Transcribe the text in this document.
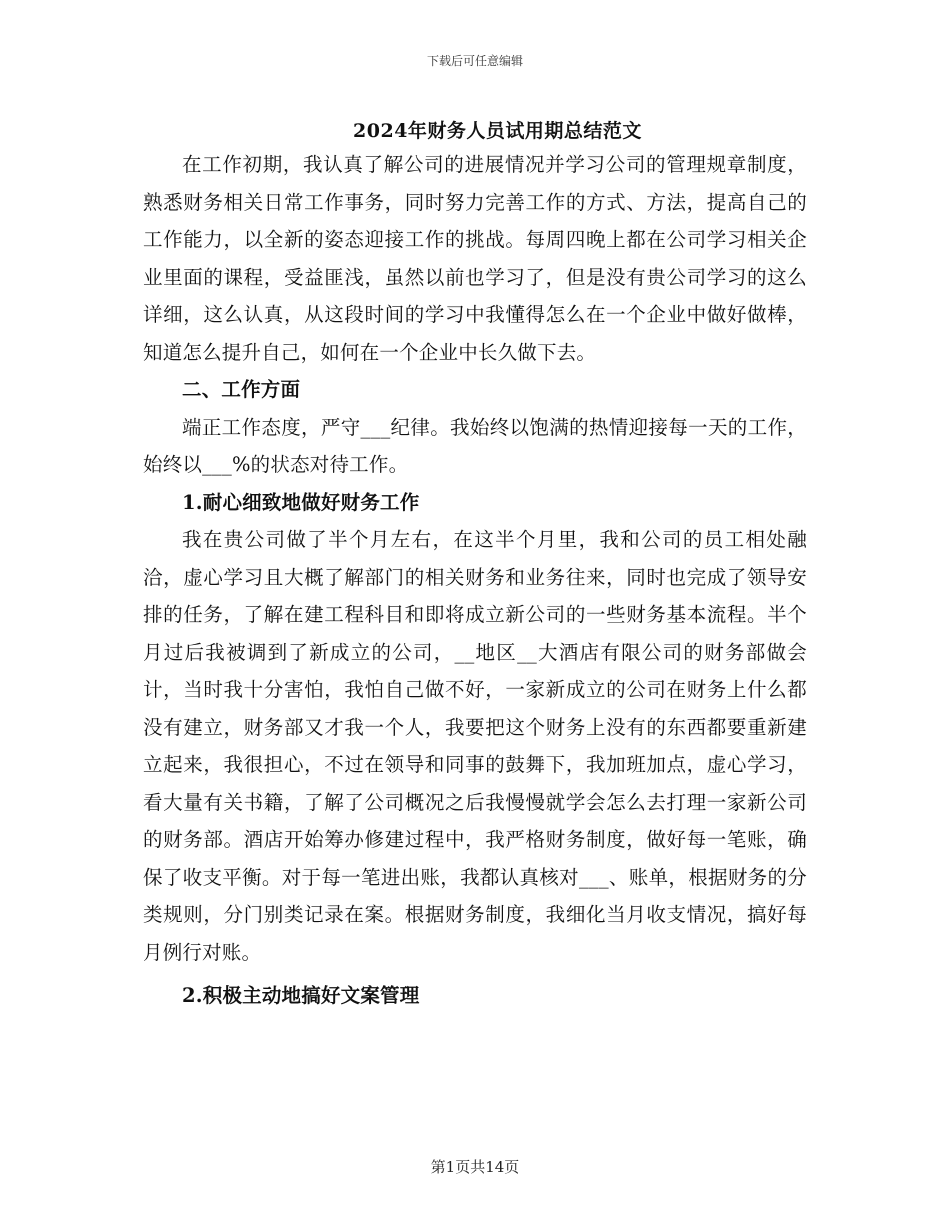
下载后可任意编辑
2024年财务人员试用期总结范文

在工作初期，我认真了解公司的进展情况并学习公司的管理规章制度，熟悉财务相关日常工作事务，同时努力完善工作的方式、方法，提高自己的工作能力，以全新的姿态迎接工作的挑战。每周四晚上都在公司学习相关企业里面的课程，受益匪浅，虽然以前也学习了，但是没有贵公司学习的这么详细，这么认真，从这段时间的学习中我懂得怎么在一个企业中做好做棒，知道怎么提升自己，如何在一个企业中长久做下去。

二、工作方面

端正工作态度，严守___纪律。我始终以饱满的热情迎接每一天的工作，始终以___%的状态对待工作。

1.耐心细致地做好财务工作

我在贵公司做了半个月左右，在这半个月里，我和公司的员工相处融洽，虚心学习且大概了解部门的相关财务和业务往来，同时也完成了领导安排的任务，了解在建工程科目和即将成立新公司的一些财务基本流程。半个月过后我被调到了新成立的公司，__地区__大酒店有限公司的财务部做会计，当时我十分害怕，我怕自己做不好，一家新成立的公司在财务上什么都没有建立，财务部又才我一个人，我要把这个财务上没有的东西都要重新建立起来，我很担心，不过在领导和同事的鼓舞下，我加班加点，虚心学习，看大量有关书籍，了解了公司概况之后我慢慢就学会怎么去打理一家新公司的财务部。酒店开始筹办修建过程中，我严格财务制度，做好每一笔账，确保了收支平衡。对于每一笔进出账，我都认真核对___、账单，根据财务的分类规则，分门别类记录在案。根据财务制度，我细化当月收支情况，搞好每月例行对账。

2.积极主动地搞好文案管理

第1页共14页
